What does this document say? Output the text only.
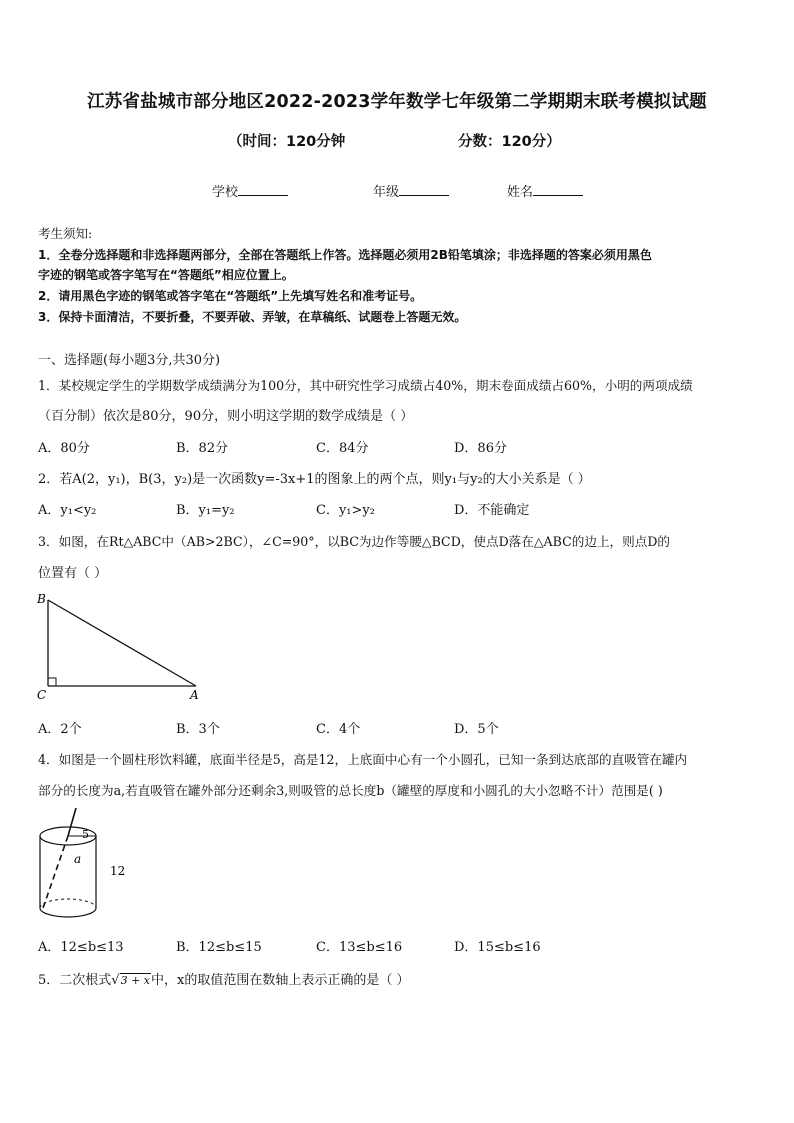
江苏省盐城市部分地区2022-2023学年数学七年级第二学期期末联考模拟试题
（时间：120分钟	分数：120分）
学校	年级	姓名
考生须知:
1．全卷分选择题和非选择题两部分，全部在答题纸上作答。选择题必须用2B铅笔填涂；非选择题的答案必须用黑色
字迹的钢笔或答字笔写在“答题纸”相应位置上。
2．请用黑色字迹的钢笔或答字笔在“答题纸”上先填写姓名和准考证号。
3．保持卡面清洁，不要折叠，不要弄破、弄皱，在草稿纸、试题卷上答题无效。
一、选择题(每小题3分,共30分)
1．某校规定学生的学期数学成绩满分为100分，其中研究性学习成绩占40%，期末卷面成绩占60%，小明的两项成绩
（百分制）依次是80分，90分，则小明这学期的数学成绩是（ ）
A．80分	B．82分	C．84分	D．86分
2．若A(2，y₁)，B(3，y₂)是一次函数y=-3x+1的图象上的两个点，则y₁与y₂的大小关系是（ ）
A．y₁<y₂	B．y₁=y₂	C．y₁>y₂	D．不能确定
3．如图，在Rt△ABC中（AB>2BC），∠C=90°，以BC为边作等腰△BCD，使点D落在△ABC的边上，则点D的
位置有（ ）
B
C	A
A．2个	B．3个	C．4个	D．5个
4．如图是一个圆柱形饮料罐，底面半径是5，高是12，上底面中心有一个小圆孔，已知一条到达底部的直吸管在罐内
部分的长度为a,若直吸管在罐外部分还剩余3,则吸管的总长度b（罐壁的厚度和小圆孔的大小忽略不计）范围是( )
5
a
12
A．12≤b≤13	B．12≤b≤15	C．13≤b≤16	D．15≤b≤16
5．二次根式√3 + x中，x的取值范围在数轴上表示正确的是（ ）
